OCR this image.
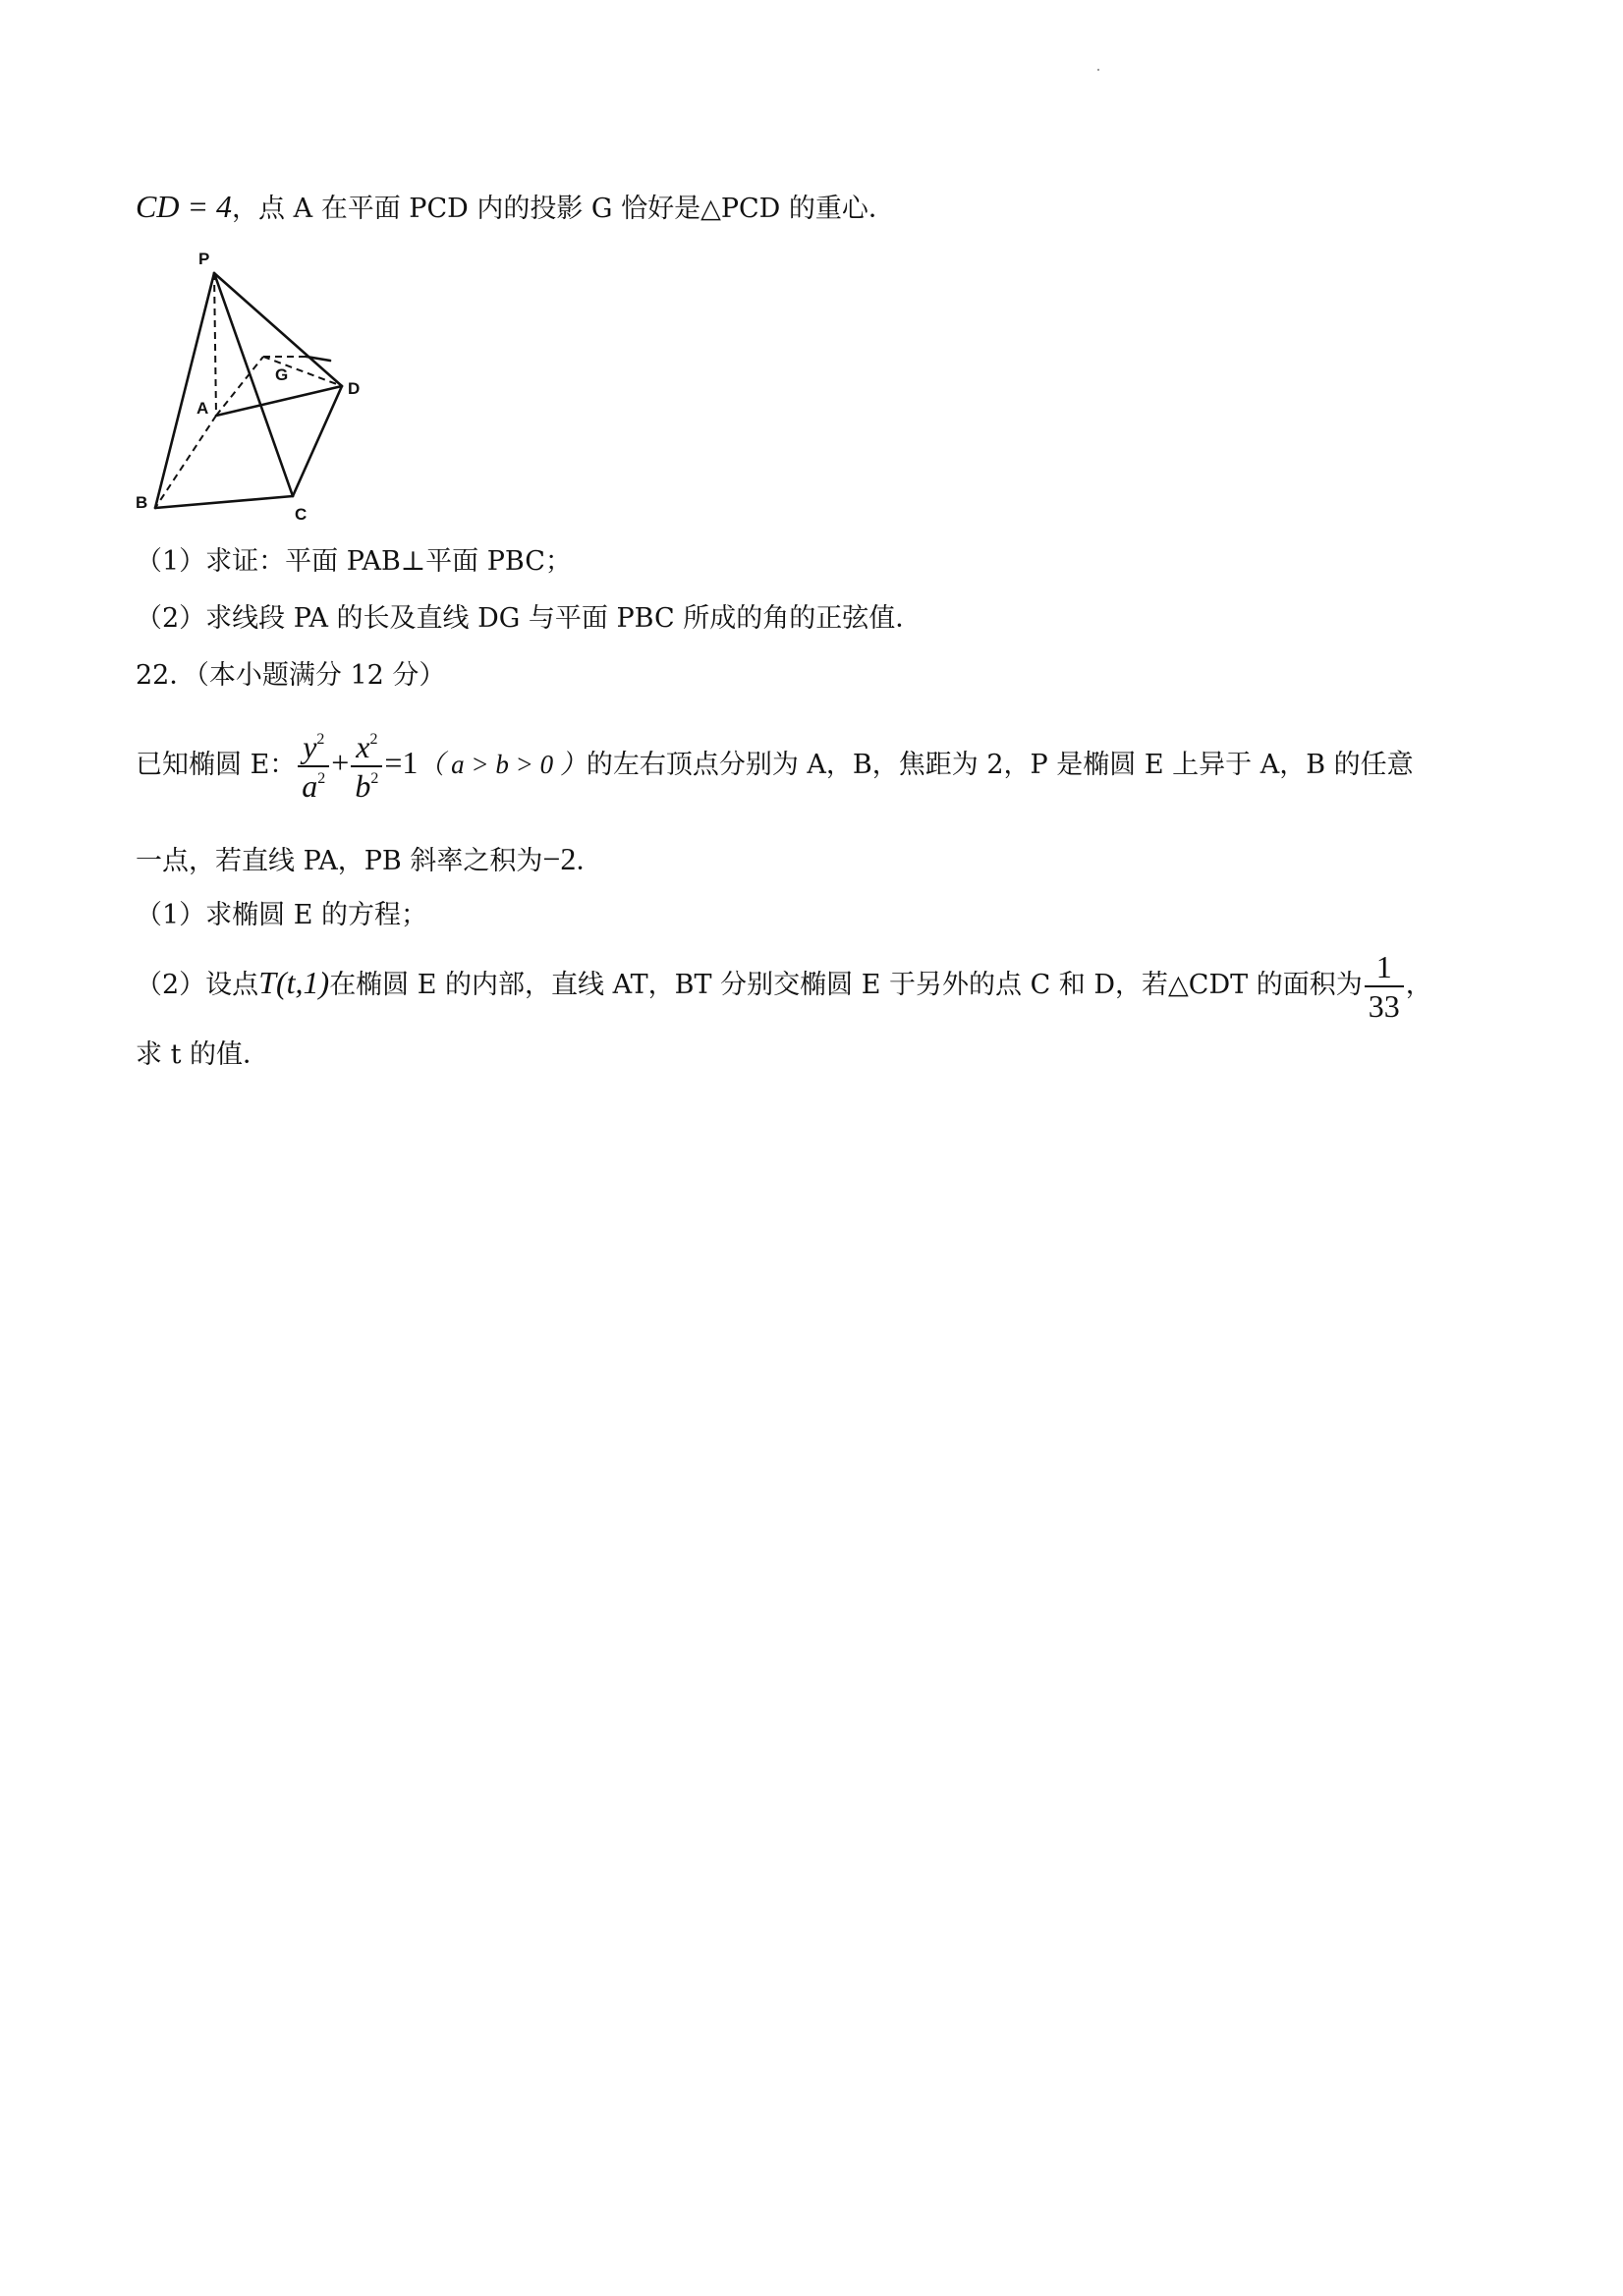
CD = 4，点 A 在平面 PCD 内的投影 G 恰好是△PCD 的重心．
P
A
G
D
B
C
（1）求证：平面 PAB⊥平面 PBC；
（2）求线段 PA 的长及直线 DG 与平面 PBC 所成的角的正弦值．
22．（本小题满分 12 分）
已知椭圆 E： $\frac{y^2}{a^2} + \frac{x^2}{b^2} =1$（ a > b > 0 ）的左右顶点分别为 A，B，焦距为 2，P 是椭圆 E 上异于 A，B 的任意
一点，若直线 PA，PB 斜率之积为−2．
（1）求椭圆 E 的方程；
（2）设点T(t,1)在椭圆 E 的内部，直线 AT，BT 分别交椭圆 E 于另外的点 C 和 D，若△CDT 的面积为 $\frac{1}{33}$ ，
求 t 的值．
